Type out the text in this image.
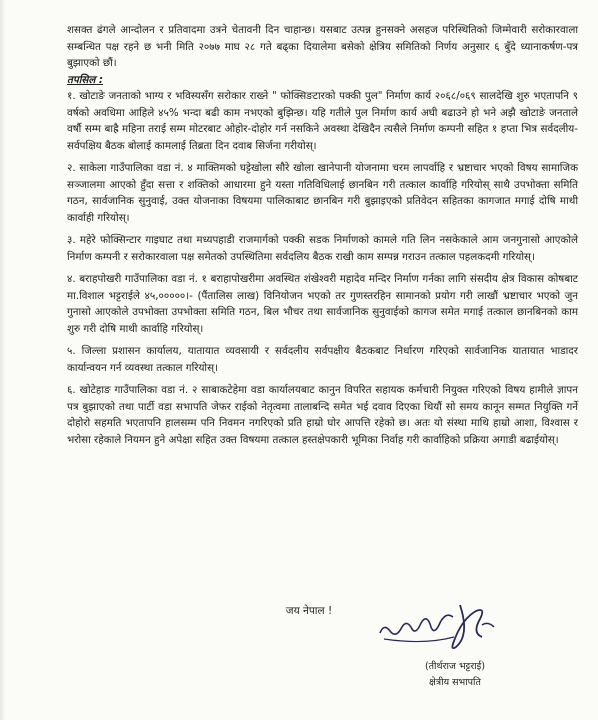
शसक्त ढंगले आन्दोलन र प्रतिवादमा उत्रने चेतावनी दिन चाहान्छ। यसबाट उत्पन्न हुनसक्ने असहज परिस्थितिको जिम्मेवारी सरोकारवाला सम्बन्धित पक्ष रहने छ भनी मिति २०७७ माघ २८ गते बढ्का दियालेमा बसेको क्षेत्रिय समितिको निर्णय अनुसार ६ बुँदे ध्यानाकर्षण-पत्र बुझाएको छौं।

तपसिल :

१. खोटाङे जनताको भाग्य र भविस्यसँग सरोकार राख्ने " फोक्सिङटारको पक्की पुल" निर्माण कार्य २०६८/०६९ सालदेखि शुरु भएतापनि ९ वर्षको अवधिमा आहिले ४५% भन्दा बढी काम नभएको बुझिन्छ। यहि गतीले पुल निर्माण कार्य अघी बढाउने हो भने अझै खोटाङे जनताले वर्षौ सम्म बाह्रै महिना तराई सम्म मोटरबाट ओहोर-दोहोर गर्न नसकिने अवस्था देखिदैन त्यसैले निर्माण कम्पनी सहित १ हप्ता भित्र सर्वदलीय-सर्वपक्षिय बैठक बोलाई कामलाई तिब्रता दिन दवाब सिर्जना गरीयोस्।

२. साकेला गाउँपालिका वडा नं. ४ माक्तिमको घट्टेखोला सौरे खोला खानेपानी योजनामा चरम लापर्वाहि र भ्रष्टाचार भएको विषय सामाजिक सञ्जालमा आएको हुँदा सत्ता र शक्तिको आधारमा हुने यस्ता गतिविधिलाई छानबिन गरी तत्काल कार्वाहि गरियोस् साथै उपभोक्ता समिति गठन, सार्वजानिक सुनुवाई, उक्त योजनाका विषयमा पालिकाबाट छानबिन गरी बुझाइएको प्रतिवेदन सहितका कागजात मगाई दोषि माथी कार्वाही गरियोस्।

३. महेरे फोक्सिन्टार गाइघाट तथा मध्यपहाडी राजमार्गको पक्की सडक निर्माणको कामले गति लिन नसकेकाले आम जनगुनासो आएकोले निर्माण कम्पनी र सरोकारवाला पक्ष समेतको उपस्थितिमा सर्वदलिय बैठक राखी काम सम्पन्न गराउन तत्काल पहलकदमी गरियोस्।

४. बराहपोखरी गाउँपालिका वडा नं. १ बराहापोखरीमा अवस्थित शंखेश्वरी महादेव मन्दिर निर्माण गर्नका लागि संसदीय क्षेत्र विकास कोषबाट मा.विशाल भट्टराईले ४५,०००००।- (पैंतालिस लाख) विनियोजन भएको तर गुणस्तरहिन सामानको प्रयोग गरी लाखौं भ्रष्टाचार भएको जुन गुनासो आएकोले उपभोक्ता उपभोक्ता समिति गठन, बिल भौचर तथा सार्वजानिक सुनुवाईको कागज समेत मगाई तत्काल छानबिनको काम शुरु गरी दोषि माथी कार्वाहि गरियोस्।

५. जिल्ला प्रशासन कार्यालय, यातायात व्यवसायी र सर्वदलीय सर्वपक्षीय बैठकबाट निर्धारण गरिएको सार्वजानिक यातायात भाडादर कार्यान्वयन गर्न व्यवस्था तत्काल गरियोस्।

६. खोटेहाङ गाउँपालिका वडा नं. २ साबाकटेहेमा वडा कार्यालयबाट कानुन विपरित सहायक कर्मचारी नियुक्त गरिएको विषय हामीले ज्ञापन पत्र बुझाएको तथा पार्टी वडा सभापति जेफर राईको नेतृत्वमा तालाबन्दि समेत भई दवाव दिएका थियौं सो समय कानून सम्मत नियुक्ति गर्ने दोहोरो सहमति भएतापनि हालसम्म पनि निवमन नगरिएको प्रति हाम्रो घोर आपत्ति रहेको छ। अतः यो संस्था माथि हाम्रो आशा, विश्वास र भरोसा रहेकाले नियमन हुने अपेक्षा सहित उक्त विषयमा तत्काल हस्तक्षेपकारी भूमिका निर्वाह गरी कार्वाहिको प्रक्रिया अगाडी बढाईयोस्।

जय नेपाल !
(तीर्थराज भट्टराई)
क्षेत्रीय सभापति
